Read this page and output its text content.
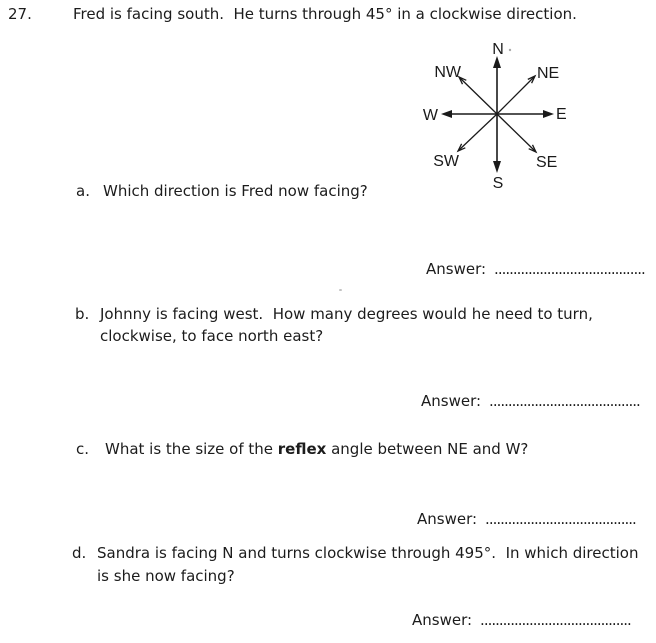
27.	Fred is facing south.  He turns through 45° in a clockwise direction.
N
NE
E
SE
S
SW
W
NW
a. Which direction is Fred now facing?
Answer: ........................................
b. Johnny is facing west.  How many degrees would he need to turn,
clockwise, to face north east?
Answer: ........................................
c. What is the size of the reflex angle between NE and W?
Answer: ........................................
d. Sandra is facing N and turns clockwise through 495°.  In which direction
is she now facing?
Answer: ........................................
